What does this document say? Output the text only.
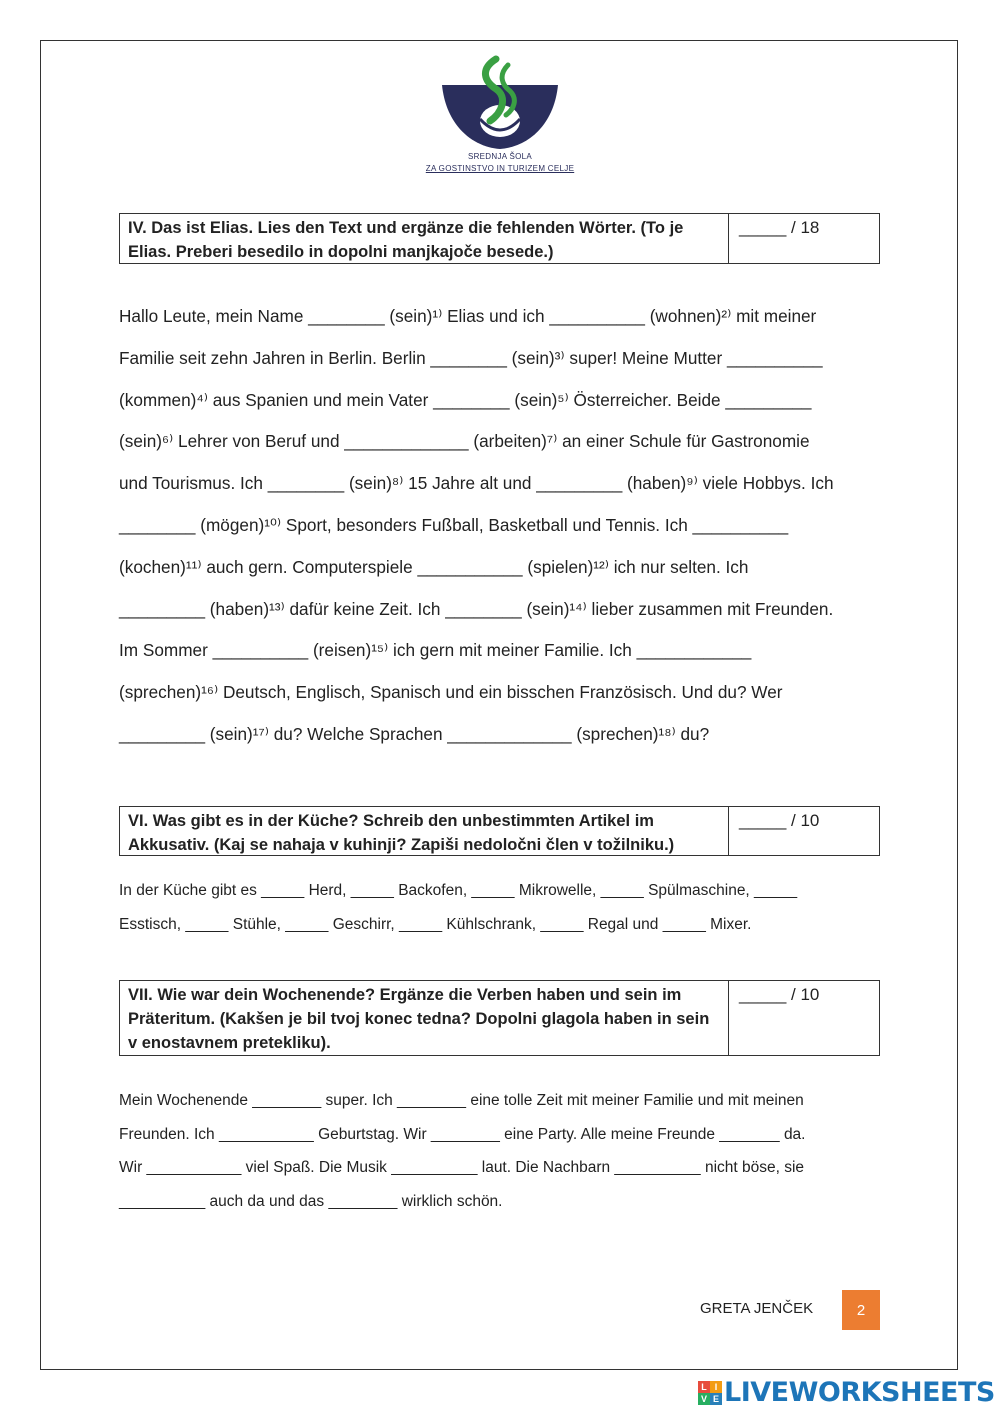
SREDNJA ŠOLA
ZA GOSTINSTVO IN TURIZEM CELJE
IV. Das ist Elias. Lies den Text und ergänze die fehlenden Wörter. (To je Elias. Preberi besedilo in dopolni manjkajoče besede.)
_____ / 18
Hallo Leute, mein Name ________ (sein)¹⁾ Elias und ich __________ (wohnen)²⁾ mit meiner
Familie seit zehn Jahren in Berlin. Berlin ________ (sein)³⁾ super! Meine Mutter __________
(kommen)⁴⁾ aus Spanien und mein Vater ________ (sein)⁵⁾ Österreicher. Beide _________
(sein)⁶⁾ Lehrer von Beruf und _____________ (arbeiten)⁷⁾ an einer Schule für Gastronomie
und Tourismus. Ich ________ (sein)⁸⁾ 15 Jahre alt und _________ (haben)⁹⁾ viele Hobbys. Ich
________ (mögen)¹⁰⁾ Sport, besonders Fußball, Basketball und Tennis. Ich __________
(kochen)¹¹⁾ auch gern. Computerspiele ___________ (spielen)¹²⁾ ich nur selten. Ich
_________ (haben)¹³⁾ dafür keine Zeit. Ich ________ (sein)¹⁴⁾ lieber zusammen mit Freunden.
Im Sommer __________ (reisen)¹⁵⁾ ich gern mit meiner Familie. Ich ____________
(sprechen)¹⁶⁾ Deutsch, Englisch, Spanisch und ein bisschen Französisch. Und du? Wer
_________ (sein)¹⁷⁾ du? Welche Sprachen _____________ (sprechen)¹⁸⁾ du?
VI. Was gibt es in der Küche? Schreib den unbestimmten Artikel im Akkusativ. (Kaj se nahaja v kuhinji? Zapiši nedoločni člen v tožilniku.)
_____ / 10
In der Küche gibt es _____ Herd, _____ Backofen, _____ Mikrowelle, _____ Spülmaschine, _____
Esstisch, _____ Stühle, _____ Geschirr, _____ Kühlschrank, _____ Regal und _____ Mixer.
VII. Wie war dein Wochenende? Ergänze die Verben haben und sein im Präteritum. (Kakšen je bil tvoj konec tedna? Dopolni glagola haben in sein v enostavnem pretekliku).
_____ / 10
Mein Wochenende ________ super. Ich ________ eine tolle Zeit mit meiner Familie und mit meinen
Freunden. Ich ___________ Geburtstag. Wir ________ eine Party. Alle meine Freunde _______ da.
Wir ___________ viel Spaß. Die Musik __________ laut. Die Nachbarn __________ nicht böse, sie
__________ auch da und das ________ wirklich schön.
GRETA JENČEK	2
L I
V E LIVEWORKSHEETS
